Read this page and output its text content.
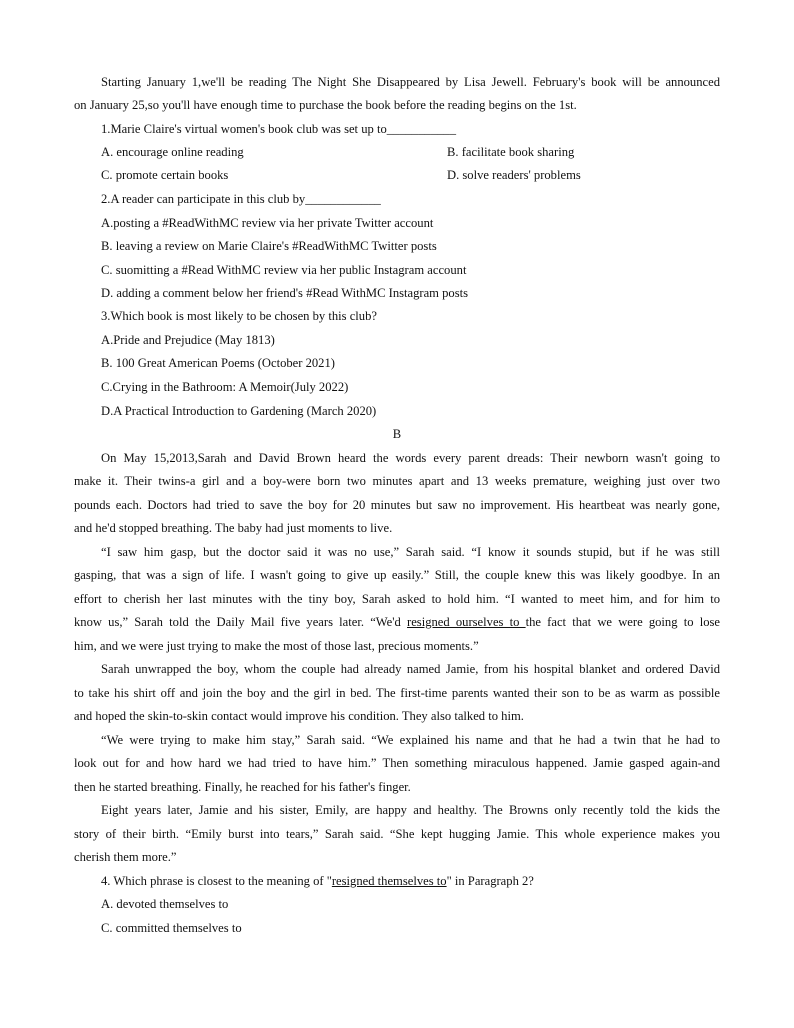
Starting January 1,we'll be reading The Night She Disappeared by Lisa Jewell. February's book will be announced
on January 25,so you'll have enough time to purchase the book before the reading begins on the 1st.
1.Marie Claire's virtual women's book club was set up to___________
A. encourage online reading	B. facilitate book sharing
C. promote certain books	D. solve readers' problems
2.A reader can participate in this club by____________
A.posting a #ReadWithMC review via her private Twitter account
B. leaving a review on Marie Claire's #ReadWithMC Twitter posts
C. suomitting a #Read WithMC review via her public Instagram account
D. adding a comment below her friend's #Read WithMC Instagram posts
3.Which book is most likely to be chosen by this club?
A.Pride and Prejudice (May 1813)
B. 100 Great American Poems (October 2021)
C.Crying in the Bathroom: A Memoir(July 2022)
D.A Practical Introduction to Gardening (March 2020)
B
On May 15,2013,Sarah and David Brown heard the words every parent dreads: Their newborn wasn't going to
make it. Their twins-a girl and a boy-were born two minutes apart and 13 weeks premature, weighing just over two
pounds each. Doctors had tried to save the boy for 20 minutes but saw no improvement. His heartbeat was nearly gone,
and he'd stopped breathing. The baby had just moments to live.
“I saw him gasp, but the doctor said it was no use,” Sarah said. “I know it sounds stupid, but if he was still
gasping, that was a sign of life. I wasn't going to give up easily.” Still, the couple knew this was likely goodbye. In an
effort to cherish her last minutes with the tiny boy, Sarah asked to hold him. “I wanted to meet him, and for him to
know us,” Sarah told the Daily Mail five years later. “We'd resigned ourselves to the fact that we were going to lose
him, and we were just trying to make the most of those last, precious moments.”
Sarah unwrapped the boy, whom the couple had already named Jamie, from his hospital blanket and ordered David
to take his shirt off and join the boy and the girl in bed. The first-time parents wanted their son to be as warm as possible
and hoped the skin-to-skin contact would improve his condition. They also talked to him.
“We were trying to make him stay,” Sarah said. “We explained his name and that he had a twin that he had to
look out for and how hard we had tried to have him.” Then something miraculous happened. Jamie gasped again-and
then he started breathing. Finally, he reached for his father's finger.
Eight years later, Jamie and his sister, Emily, are happy and healthy. The Browns only recently told the kids the
story of their birth. “Emily burst into tears,” Sarah said. “She kept hugging Jamie. This whole experience makes you
cherish them more.”
4. Which phrase is closest to the meaning of "resigned themselves to" in Paragraph 2?
A. devoted themselves to
C. committed themselves to
